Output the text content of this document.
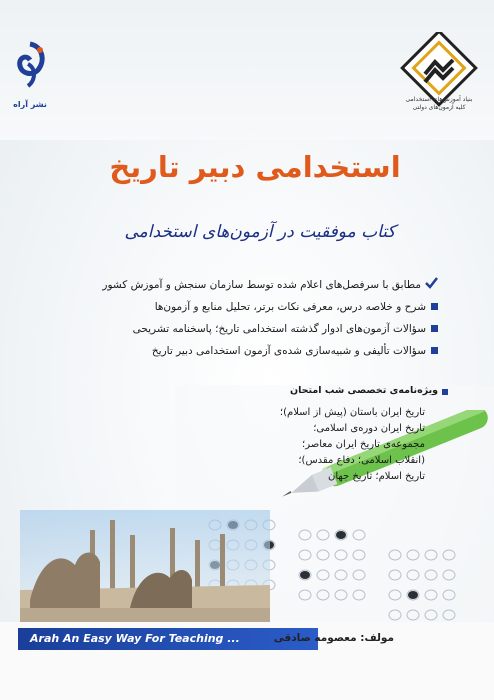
نشر آراه
بنیاد آموزش‌های استخدامی
کلیه آزمون‌های دولتی
استخدامی دبیر تاریخ
کتاب موفقیت در آزمون‌های استخدامی
مطابق با سرفصل‌های اعلام شده توسط سازمان سنجش و آموزش کشور
شرح و خلاصه درس، معرفی نکات برتر، تحلیل منابع و آزمون‌ها
سؤالات آزمون‌های ادوار گذشته استخدامی تاریخ؛ پاسخنامه تشریحی
سؤالات تألیفی و شبیه‌سازی شده‌ی آزمون استخدامی دبیر تاریخ
ویژه‌نامه‌ی تخصصی شب امتحان
تاریخ ایران باستان (پیش از اسلام)؛
تاریخ ایران دوره‌ی اسلامی؛
مجموعه‌ی تاریخ ایران معاصر؛
(انقلاب اسلامی؛ دفاع مقدس)؛
تاریخ اسلام؛ تاریخ جهان
Arah An Easy Way For Teaching ...	مولف: معصومه صادقی
